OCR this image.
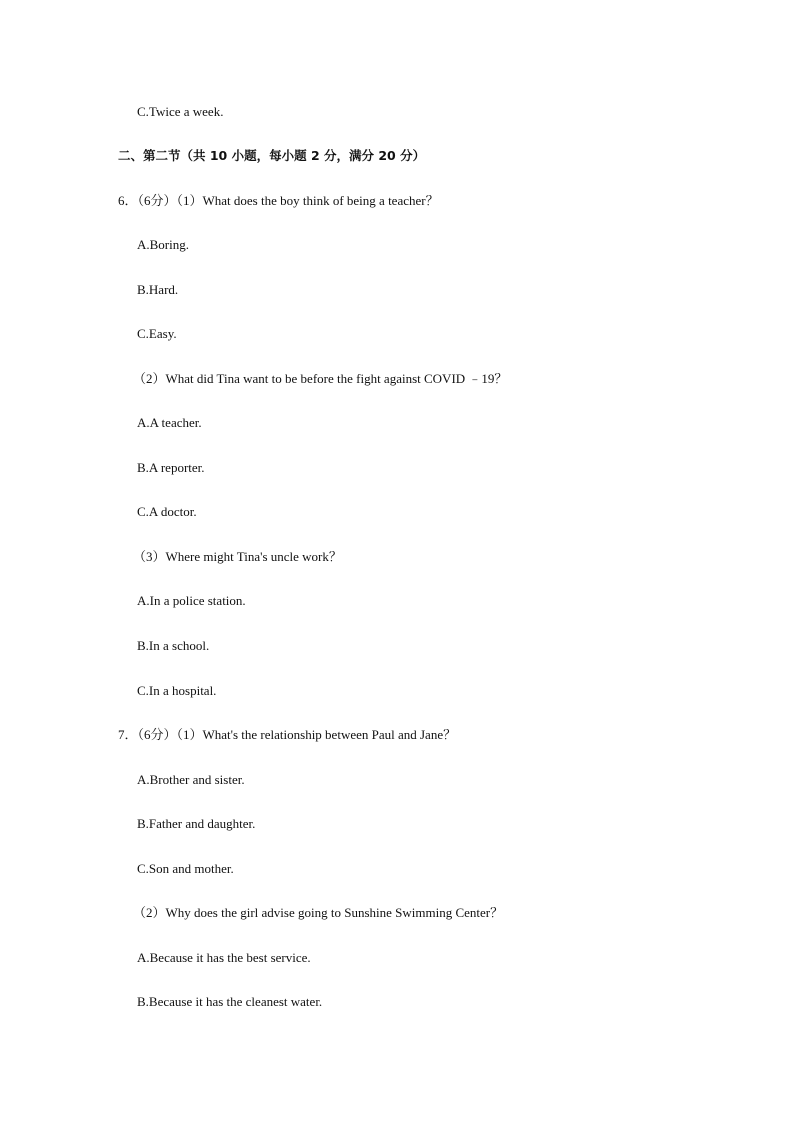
C.Twice a week.
二、第二节（共 10 小题，每小题 2 分，满分 20 分）
6．（6分）（1）What does the boy think of being a teacher？
A.Boring.
B.Hard.
C.Easy.
（2）What did Tina want to be before the fight against COVID ﹣19？
A.A teacher.
B.A reporter.
C.A doctor.
（3）Where might Tina's uncle work？
A.In a police station.
B.In a school.
C.In a hospital.
7．（6分）（1）What's the relationship between Paul and Jane？
A.Brother and sister.
B.Father and daughter.
C.Son and mother.
（2）Why does the girl advise going to Sunshine Swimming Center？
A.Because it has the best service.
B.Because it has the cleanest water.
